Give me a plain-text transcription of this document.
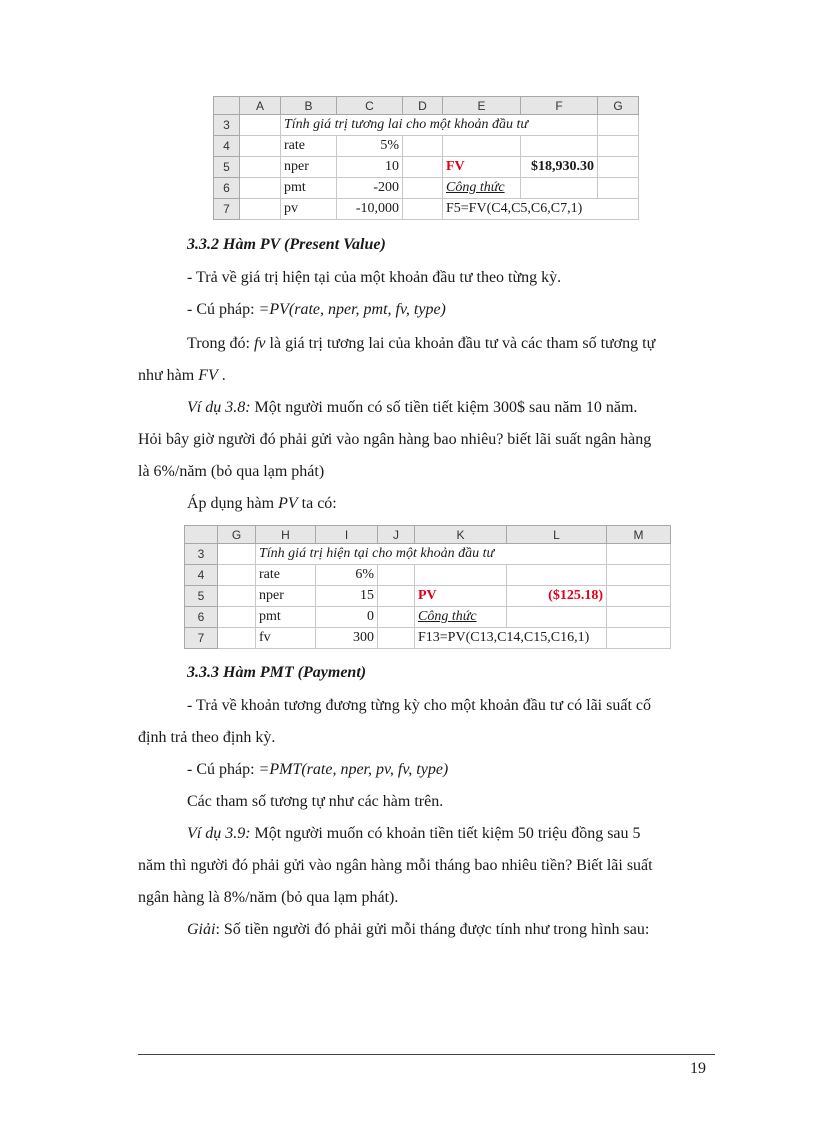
	A	B	C	D	E	F	G
3		Tính giá trị tương lai cho một khoản đầu tư					
4		rate	5%				
5		nper	10		FV	$18,930.30	
6		pmt	-200		Công thức		
7		pv	-10,000		F5=FV(C4,C5,C6,C7,1)		
3.3.2 Hàm PV (Present Value)
- Trả về giá trị hiện tại của một khoản đầu tư theo từng kỳ.
- Cú pháp: =PV(rate, nper, pmt, fv, type)
Trong đó: fv là giá trị tương lai của khoản đầu tư và các tham số tương tự
như hàm FV .
Ví dụ 3.8: Một người muốn có số tiền tiết kiệm 300$ sau năm 10 năm.
Hỏi bây giờ người đó phải gửi vào ngân hàng bao nhiêu? biết lãi suất ngân hàng
là 6%/năm (bỏ qua lạm phát)
Áp dụng hàm PV ta có:
	G	H	I	J	K	L	M
3		Tính giá trị hiện tại cho một khoản đầu tư					
4		rate	6%				
5		nper	15		PV	($125.18)	
6		pmt	0		Công thức		
7		fv	300		F13=PV(C13,C14,C15,C16,1)		
3.3.3 Hàm PMT (Payment)
- Trả về khoản tương đương từng kỳ cho một khoản đầu tư có lãi suất cố
định trả theo định kỳ.
- Cú pháp: =PMT(rate, nper, pv, fv, type)
Các tham số tương tự như các hàm trên.
Ví dụ 3.9: Một người muốn có khoản tiền tiết kiệm 50 triệu đồng sau 5
năm thì người đó phải gửi vào ngân hàng mỗi tháng bao nhiêu tiền? Biết lãi suất
ngân hàng là 8%/năm (bỏ qua lạm phát).
Giải: Số tiền người đó phải gửi mỗi tháng được tính như trong hình sau:
19
